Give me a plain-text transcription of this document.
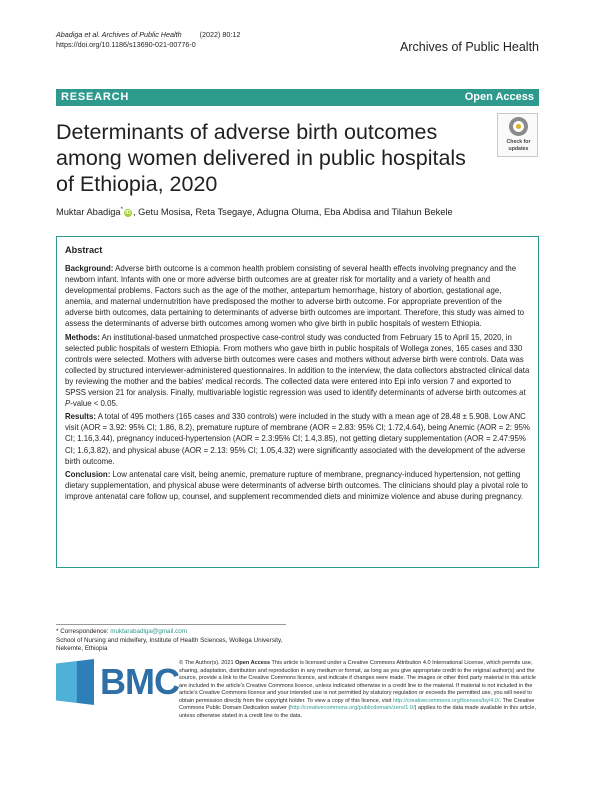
Abadiga et al. Archives of Public Health	(2022) 80:12
https://doi.org/10.1186/s13690-021-00776-0	Archives of Public Health
RESEARCH	Open Access
Determinants of adverse birth outcomes among women delivered in public hospitals of Ethiopia, 2020
Check for
updates
Muktar Abadiga*iD , Getu Mosisa, Reta Tsegaye, Adugna Oluma, Eba Abdisa and Tilahun Bekele
Abstract

Background: Adverse birth outcome is a common health problem consisting of several health effects involving pregnancy and the newborn infant. Infants with one or more adverse birth outcomes are at greater risk for mortality and a variety of health and developmental problems. Factors such as the age of the mother, antepartum hemorrhage, history of abortion, gestational age, anemia, and maternal undernutrition have predisposed the mother to adverse birth outcome. For appropriate prevention of the adverse birth outcomes, data pertaining to determinants of adverse birth outcomes are important. Therefore, this study was aimed to assess the determinants of adverse birth outcomes among women who give birth in public hospitals of western Ethiopia.

Methods: An institutional-based unmatched prospective case-control study was conducted from February 15 to April 15, 2020, in selected public hospitals of western Ethiopia. From mothers who gave birth in public hospitals of Wollega zones, 165 cases and 330 controls were selected. Mothers with adverse birth outcomes were cases and mothers without adverse birth were controls. Data was collected by structured interviewer-administered questionnaires. In addition to the interview, the data collectors abstracted clinical data by reviewing the mother and the babies' medical records. The collected data were entered into Epi info version 7 and exported to SPSS version 21 for analysis. Finally, multivariable logistic regression was used to identify determinants of adverse birth outcomes at P-value < 0.05.

Results: A total of 495 mothers (165 cases and 330 controls) were included in the study with a mean age of 28.48 ± 5.908. Low ANC visit (AOR = 3.92: 95% CI; 1.86, 8.2), premature rupture of membrane (AOR = 2.83: 95% CI; 1.72,4.64), being Anemic (AOR = 2: 95% CI; 1.16,3.44), pregnancy induced-hypertension (AOR = 2.3:95% CI; 1.4,3.85), not getting dietary supplementation (AOR = 2.47:95% CI; 1.6,3.82), and physical abuse (AOR = 2.13: 95% CI; 1.05,4.32) were significantly associated with the development of the adverse birth outcome.

Conclusion: Low antenatal care visit, being anemic, premature rupture of membrane, pregnancy-induced hypertension, not getting dietary supplementation, and physical abuse were determinants of adverse birth outcomes. The clinicians should play a pivotal role to improve antenatal care follow up, counsel, and supplement recommended diets and minimize violence and abuse during pregnancy.

* Correspondence: muktarabadiga@gmail.com
School of Nursing and midwifery, Institute of Health Sciences, Wollega University, Nekemte, Ethiopia
BMC © The Author(s). 2021 Open Access This article is licensed under a Creative Commons Attribution 4.0 International License, which permits use, sharing, adaptation, distribution and reproduction in any medium or format, as long as you give appropriate credit to the original author(s) and the source, provide a link to the Creative Commons licence, and indicate if changes were made. The images or other third party material in this article are included in the article's Creative Commons licence, unless indicated otherwise in a credit line to the material. If material is not included in the article's Creative Commons licence and your intended use is not permitted by statutory regulation or exceeds the permitted use, you will need to obtain permission directly from the copyright holder. To view a copy of this licence, visit http://creativecommons.org/licenses/by/4.0/. The Creative Commons Public Domain Dedication waiver (http://creativecommons.org/publicdomain/zero/1.0/) applies to the data made available in this article, unless otherwise stated in a credit line to the data.
